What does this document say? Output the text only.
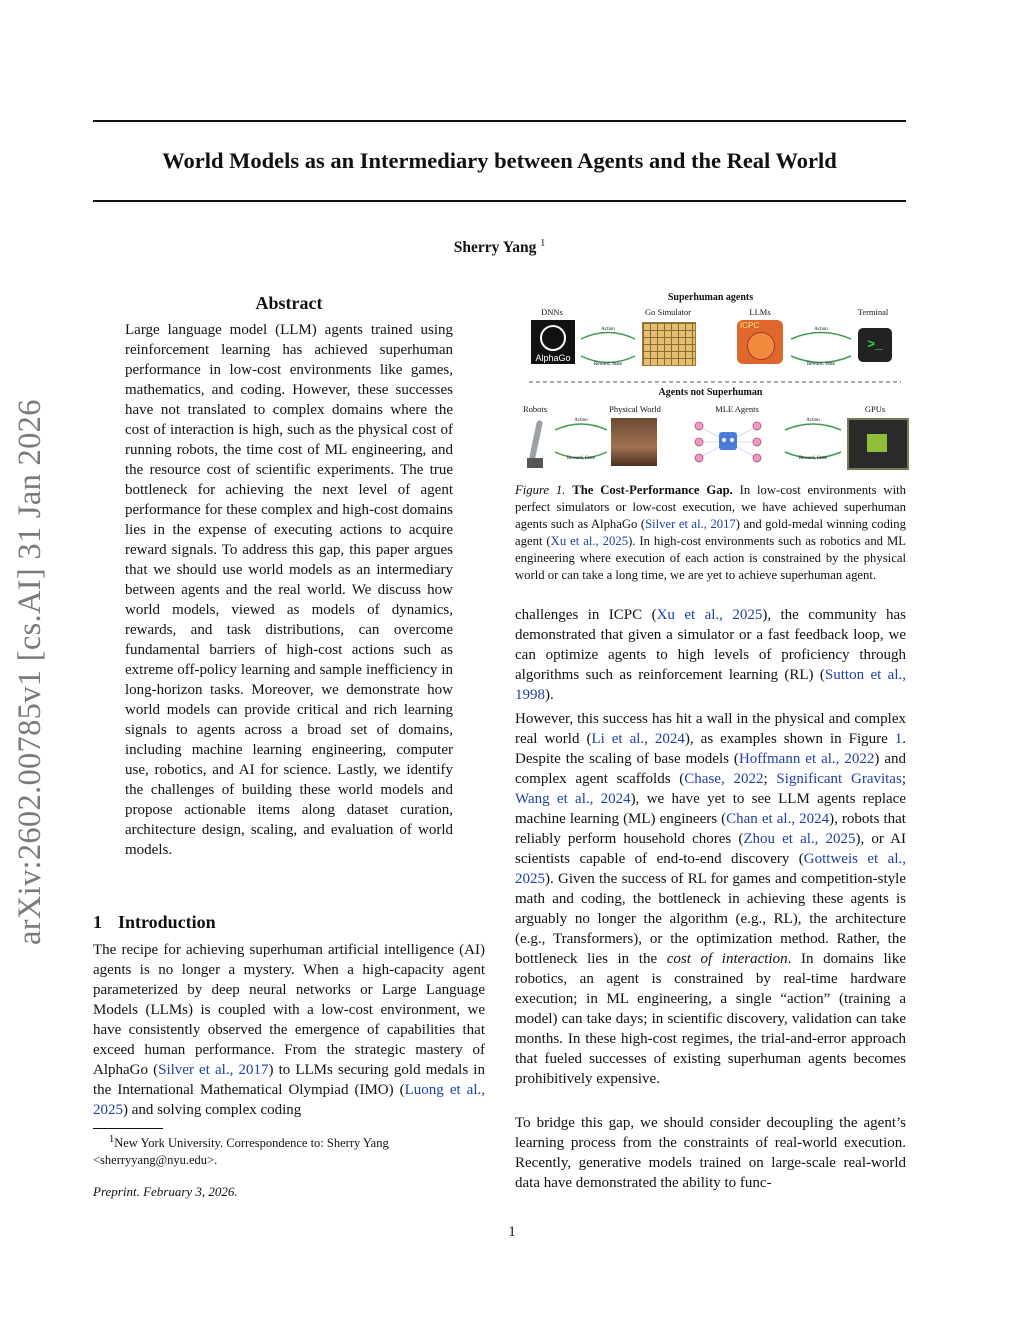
World Models as an Intermediary between Agents and the Real World
Sherry Yang $^1$
arXiv:2602.00785v1 [cs.AI] 31 Jan 2026
Abstract
Large language model (LLM) agents trained using reinforcement learning has achieved superhuman performance in low-cost environments like games, mathematics, and coding. However, these successes have not translated to complex domains where the cost of interaction is high, such as the physical cost of running robots, the time cost of ML engineering, and the resource cost of scientific experiments. The true bottleneck for achieving the next level of agent performance for these complex and high-cost domains lies in the expense of executing actions to acquire reward signals. To address this gap, this paper argues that we should use world models as an intermediary between agents and the real world. We discuss how world models, viewed as models of dynamics, rewards, and task distributions, can overcome fundamental barriers of high-cost actions such as extreme off-policy learning and sample inefficiency in long-horizon tasks. Moreover, we demonstrate how world models can provide critical and rich learning signals to agents across a broad set of domains, including machine learning engineering, computer use, robotics, and AI for science. Lastly, we identify the challenges of building these world models and propose actionable items along dataset curation, architecture design, scaling, and evaluation of world models.
1 Introduction
The recipe for achieving superhuman artificial intelligence (AI) agents is no longer a mystery. When a high-capacity agent parameterized by deep neural networks or Large Language Models (LLMs) is coupled with a low-cost environment, we have consistently observed the emergence of capabilities that exceed human performance. From the strategic mastery of AlphaGo (Silver et al., 2017) to LLMs securing gold medals in the International Mathematical Olympiad (IMO) (Luong et al., 2025) and solving complex coding
$^1$New York University. Correspondence to: Sherry Yang <sherryyang@nyu.edu>.
Preprint. February 3, 2026.
1
Superhuman agents
DNNs	Go Simulator	LLMs	Terminal
AlphaGo
ICPC
>_
Action
Reward, State
Action
Reward, State
Agents not Superhuman
Robots	Physical World	MLE Agents	GPUs
Action
Reward, State
Action
Reward, State
Figure 1. The Cost-Performance Gap. In low-cost environments with perfect simulators or low-cost execution, we have achieved superhuman agents such as AlphaGo (Silver et al., 2017) and gold-medal winning coding agent (Xu et al., 2025). In high-cost environments such as robotics and ML engineering where execution of each action is constrained by the physical world or can take a long time, we are yet to achieve superhuman agent.
challenges in ICPC (Xu et al., 2025), the community has demonstrated that given a simulator or a fast feedback loop, we can optimize agents to high levels of proficiency through algorithms such as reinforcement learning (RL) (Sutton et al., 1998).
However, this success has hit a wall in the physical and complex real world (Li et al., 2024), as examples shown in Figure 1. Despite the scaling of base models (Hoffmann et al., 2022) and complex agent scaffolds (Chase, 2022; Significant Gravitas; Wang et al., 2024), we have yet to see LLM agents replace machine learning (ML) engineers (Chan et al., 2024), robots that reliably perform household chores (Zhou et al., 2025), or AI scientists capable of end-to-end discovery (Gottweis et al., 2025). Given the success of RL for games and competition-style math and coding, the bottleneck in achieving these agents is arguably no longer the algorithm (e.g., RL), the architecture (e.g., Transformers), or the optimization method. Rather, the bottleneck lies in the cost of interaction. In domains like robotics, an agent is constrained by real-time hardware execution; in ML engineering, a single “action” (training a model) can take days; in scientific discovery, validation can take months. In these high-cost regimes, the trial-and-error approach that fueled successes of existing superhuman agents becomes prohibitively expensive.
To bridge this gap, we should consider decoupling the agent’s learning process from the constraints of real-world execution. Recently, generative models trained on large-scale real-world data have demonstrated the ability to func-
